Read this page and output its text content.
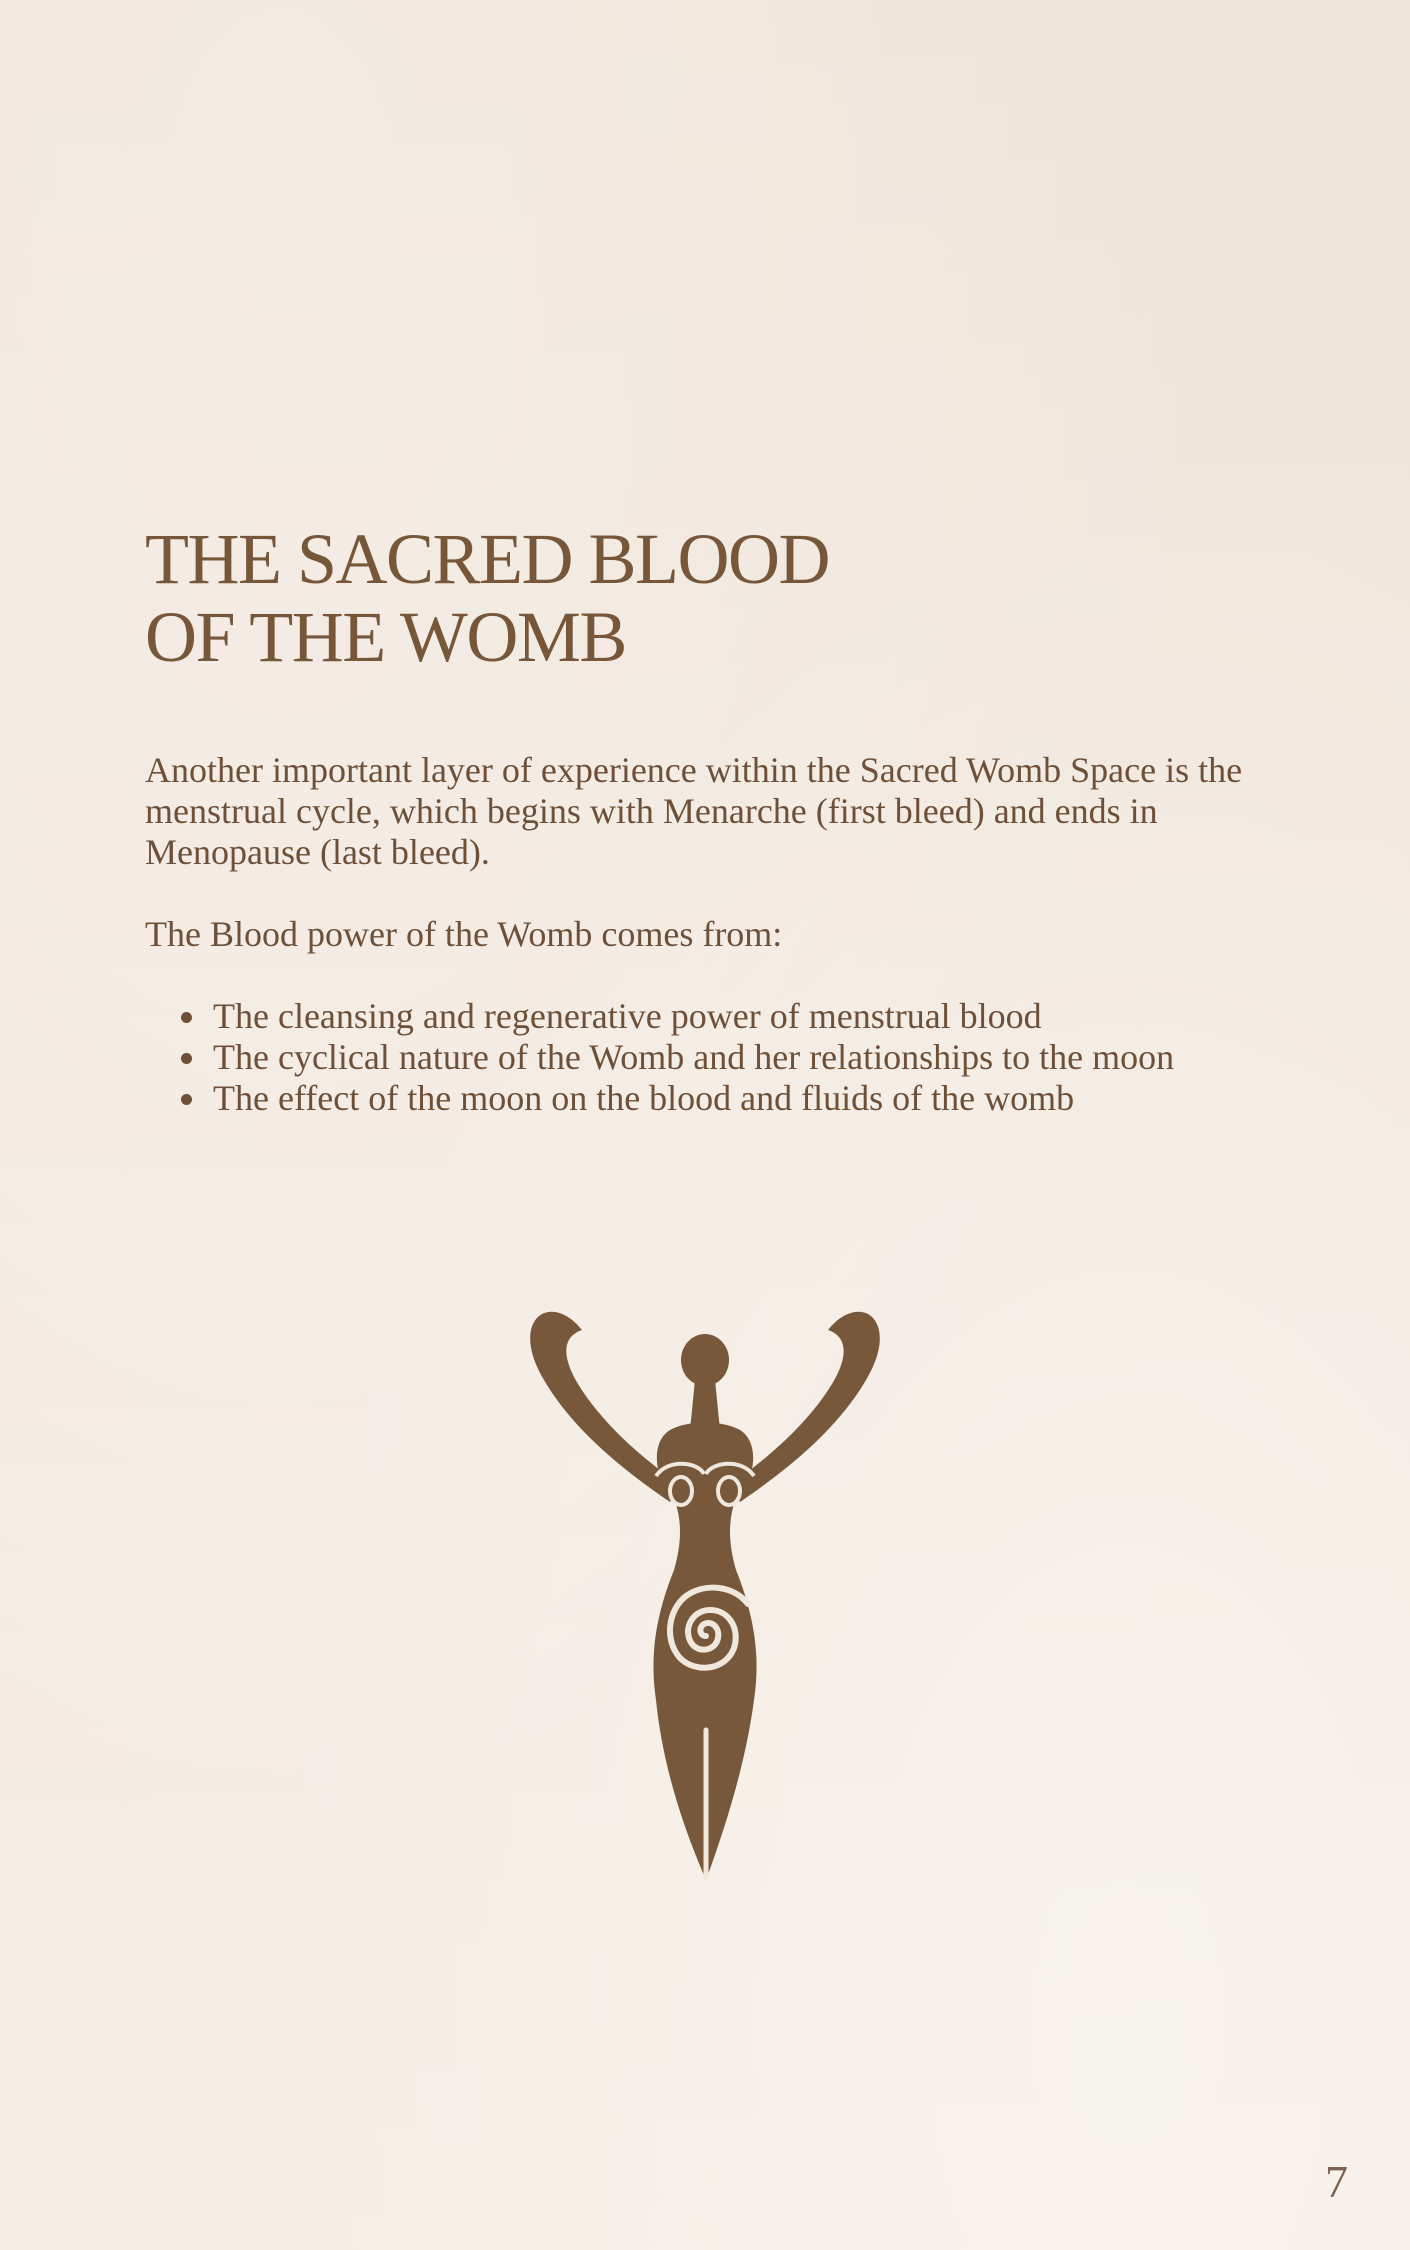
THE SACRED BLOOD
OF THE WOMB

Another important layer of experience within the Sacred Womb Space is the menstrual cycle, which begins with Menarche (first bleed) and ends in Menopause (last bleed).

The Blood power of the Womb comes from:

The cleansing and regenerative power of menstrual blood
The cyclical nature of the Womb and her relationships to the moon
The effect of the moon on the blood and fluids of the womb
7
